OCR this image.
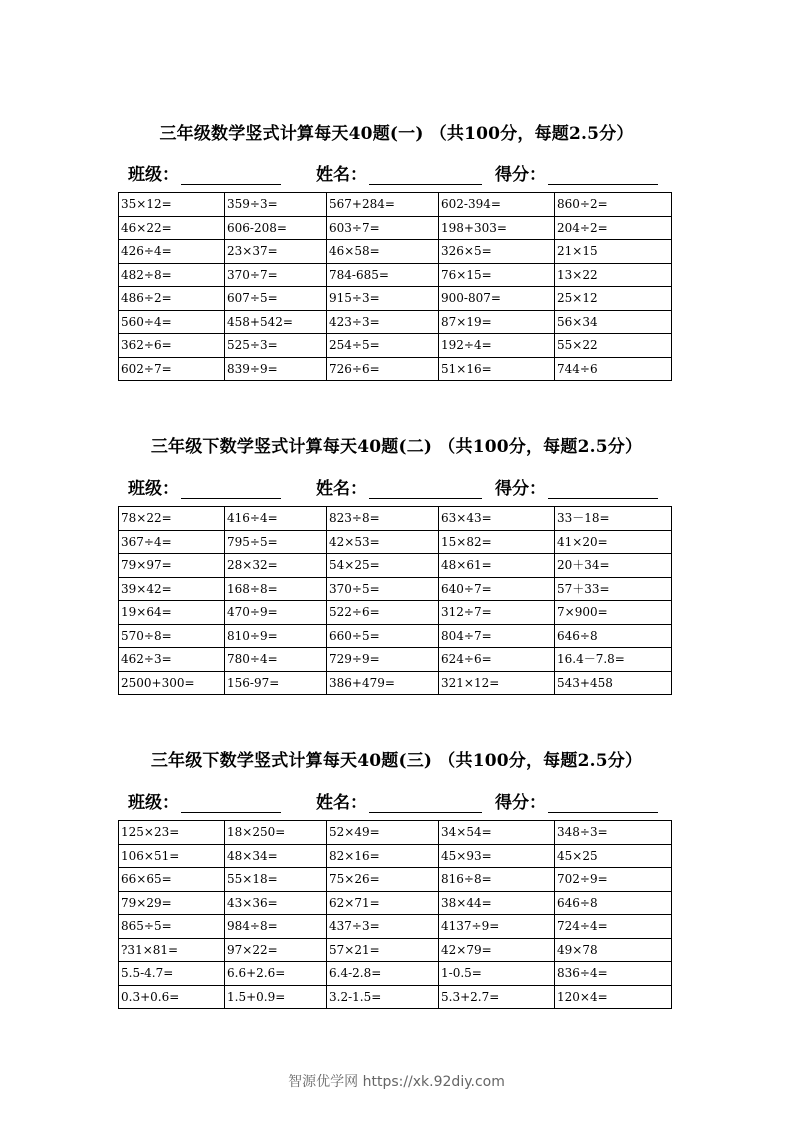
三年级数学竖式计算每天40题(一) （共100分，每题2.5分）
班级：	姓名：	得分：
35×12=	359÷3=	567+284=	602-394=	860÷2=
46×22=	606-208=	603÷7=	198+303=	204÷2=
426÷4=	23×37=	46×58=	326×5=	21×15
482÷8=	370÷7=	784-685=	76×15=	13×22
486÷2=	607÷5=	915÷3=	900-807=	25×12
560÷4=	458+542=	423÷3=	87×19=	56×34
362÷6=	525÷3=	254÷5=	192÷4=	55×22
602÷7=	839÷9=	726÷6=	51×16=	744÷6
三年级下数学竖式计算每天40题(二) （共100分，每题2.5分）
班级：	姓名：	得分：
78×22=	416÷4=	823÷8=	63×43=	33－18=
367÷4=	795÷5=	42×53=	15×82=	41×20=
79×97=	28×32=	54×25=	48×61=	20＋34=
39×42=	168÷8=	370÷5=	640÷7=	57＋33=
19×64=	470÷9=	522÷6=	312÷7=	7×900=
570÷8=	810÷9=	660÷5=	804÷7=	646÷8
462÷3=	780÷4=	729÷9=	624÷6=	16.4－7.8=
2500+300=	156-97=	386+479=	321×12=	543+458
三年级下数学竖式计算每天40题(三) （共100分，每题2.5分）
班级：	姓名：	得分：
125×23=	18×250=	52×49=	34×54=	348÷3=
106×51=	48×34=	82×16=	45×93=	45×25
66×65=	55×18=	75×26=	816÷8=	702÷9=
79×29=	43×36=	62×71=	38×44=	646÷8
865÷5=	984÷8=	437÷3=	4137÷9=	724÷4=
?31×81=	97×22=	57×21=	42×79=	49×78
5.5-4.7=	6.6+2.6=	6.4-2.8=	1-0.5=	836÷4=
0.3+0.6=	1.5+0.9=	3.2-1.5=	5.3+2.7=	120×4=
智源优学网 https://xk.92diy.com
